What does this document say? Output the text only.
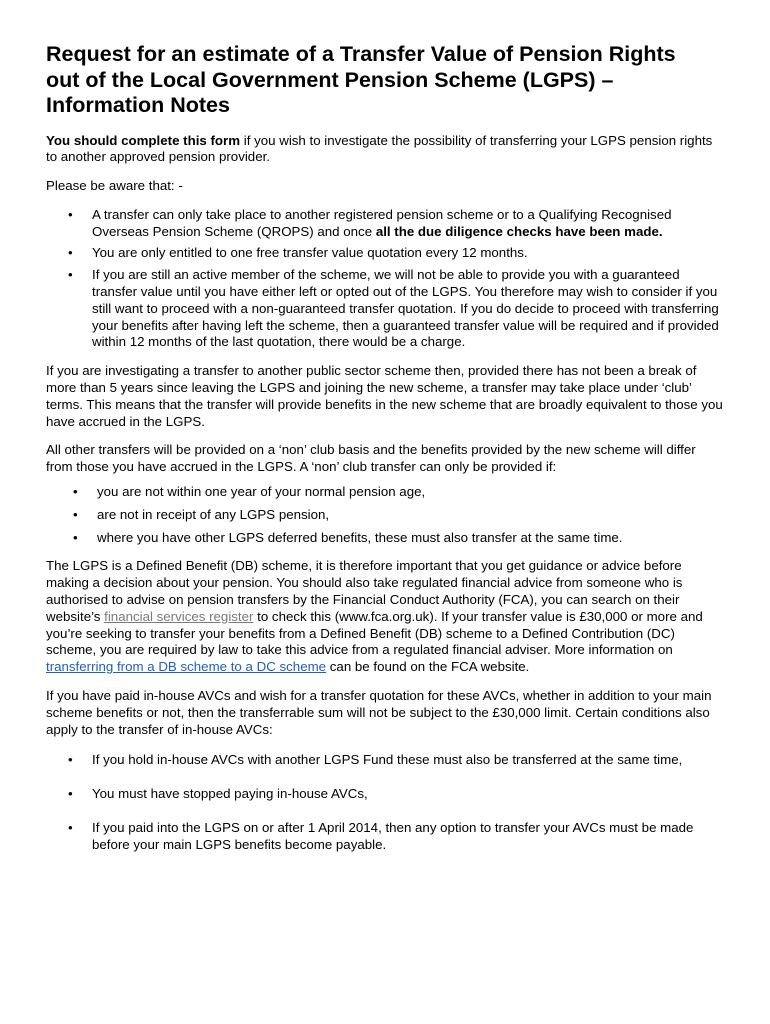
Request for an estimate of a Transfer Value of Pension Rights out of the Local Government Pension Scheme (LGPS) – Information Notes

You should complete this form if you wish to investigate the possibility of transferring your LGPS pension rights to another approved pension provider.

Please be aware that: -

• A transfer can only take place to another registered pension scheme or to a Qualifying Recognised Overseas Pension Scheme (QROPS) and once all the due diligence checks have been made.
• You are only entitled to one free transfer value quotation every 12 months.
• If you are still an active member of the scheme, we will not be able to provide you with a guaranteed transfer value until you have either left or opted out of the LGPS. You therefore may wish to consider if you still want to proceed with a non-guaranteed transfer quotation. If you do decide to proceed with transferring your benefits after having left the scheme, then a guaranteed transfer value will be required and if provided within 12 months of the last quotation, there would be a charge.

If you are investigating a transfer to another public sector scheme then, provided there has not been a break of more than 5 years since leaving the LGPS and joining the new scheme, a transfer may take place under ‘club’ terms. This means that the transfer will provide benefits in the new scheme that are broadly equivalent to those you have accrued in the LGPS.

All other transfers will be provided on a ‘non’ club basis and the benefits provided by the new scheme will differ from those you have accrued in the LGPS. A ‘non’ club transfer can only be provided if:

• you are not within one year of your normal pension age,
• are not in receipt of any LGPS pension,
• where you have other LGPS deferred benefits, these must also transfer at the same time.

The LGPS is a Defined Benefit (DB) scheme, it is therefore important that you get guidance or advice before making a decision about your pension. You should also take regulated financial advice from someone who is authorised to advise on pension transfers by the Financial Conduct Authority (FCA), you can search on their website’s financial services register to check this (www.fca.org.uk). If your transfer value is £30,000 or more and you’re seeking to transfer your benefits from a Defined Benefit (DB) scheme to a Defined Contribution (DC) scheme, you are required by law to take this advice from a regulated financial adviser. More information on transferring from a DB scheme to a DC scheme can be found on the FCA website.

If you have paid in-house AVCs and wish for a transfer quotation for these AVCs, whether in addition to your main scheme benefits or not, then the transferrable sum will not be subject to the £30,000 limit. Certain conditions also apply to the transfer of in-house AVCs:

• If you hold in-house AVCs with another LGPS Fund these must also be transferred at the same time,
• You must have stopped paying in-house AVCs,
• If you paid into the LGPS on or after 1 April 2014, then any option to transfer your AVCs must be made before your main LGPS benefits become payable.
